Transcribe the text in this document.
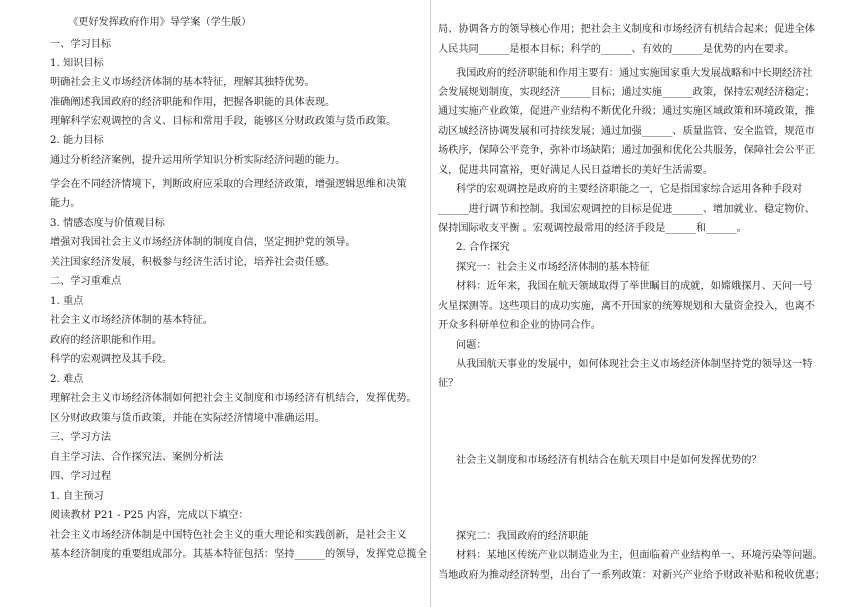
《更好发挥政府作用》导学案（学生版）
一、学习目标
1. 知识目标
明确社会主义市场经济体制的基本特征，理解其独特优势。
准确阐述我国政府的经济职能和作用，把握各职能的具体表现。
理解科学宏观调控的含义、目标和常用手段，能够区分财政政策与货币政策。
2. 能力目标
通过分析经济案例，提升运用所学知识分析实际经济问题的能力。
学会在不同经济情境下，判断政府应采取的合理经济政策，增强逻辑思维和决策
能力。
3. 情感态度与价值观目标
增强对我国社会主义市场经济体制的制度自信，坚定拥护党的领导。
关注国家经济发展，积极参与经济生活讨论，培养社会责任感。
二、学习重难点
1. 重点
社会主义市场经济体制的基本特征。
政府的经济职能和作用。
科学的宏观调控及其手段。
2. 难点
理解社会主义市场经济体制如何把社会主义制度和市场经济有机结合，发挥优势。
区分财政政策与货币政策，并能在实际经济情境中准确运用。
三、学习方法
自主学习法、合作探究法、案例分析法
四、学习过程
1. 自主预习
阅读教材 P21 - P25 内容，完成以下填空：
社会主义市场经济体制是中国特色社会主义的重大理论和实践创新，是社会主义
基本经济制度的重要组成部分。其基本特征包括：坚持______的领导，发挥党总揽全
局、协调各方的领导核心作用；把社会主义制度和市场经济有机结合起来；促进全体
人民共同______是根本目标；科学的______、有效的______是优势的内在要求。
我国政府的经济职能和作用主要有：通过实施国家重大发展战略和中长期经济社
会发展规划制度，实现经济______目标；通过实施______政策，保持宏观经济稳定；
通过实施产业政策，促进产业结构不断优化升级；通过实施区域政策和环境政策，推
动区域经济协调发展和可持续发展；通过加强______、质量监管、安全监管，规范市
场秩序，保障公平竞争，弥补市场缺陷；通过加强和优化公共服务，保障社会公平正
义，促进共同富裕，更好满足人民日益增长的美好生活需要。
科学的宏观调控是政府的主要经济职能之一，它是指国家综合运用各种手段对
______进行调节和控制。我国宏观调控的目标是促进______、增加就业、稳定物价、
保持国际收支平衡 。宏观调控最常用的经济手段是______和______。
2. 合作探究
探究一：社会主义市场经济体制的基本特征
材料：近年来，我国在航天领域取得了举世瞩目的成就，如嫦娥探月、天问一号
火星探测等。这些项目的成功实施，离不开国家的统筹规划和大量资金投入，也离不
开众多科研单位和企业的协同合作。
问题：
从我国航天事业的发展中，如何体现社会主义市场经济体制坚持党的领导这一特
征？
社会主义制度和市场经济有机结合在航天项目中是如何发挥优势的？
探究二：我国政府的经济职能
材料：某地区传统产业以制造业为主，但面临着产业结构单一、环境污染等问题。
当地政府为推动经济转型，出台了一系列政策：对新兴产业给予财政补贴和税收优惠；
